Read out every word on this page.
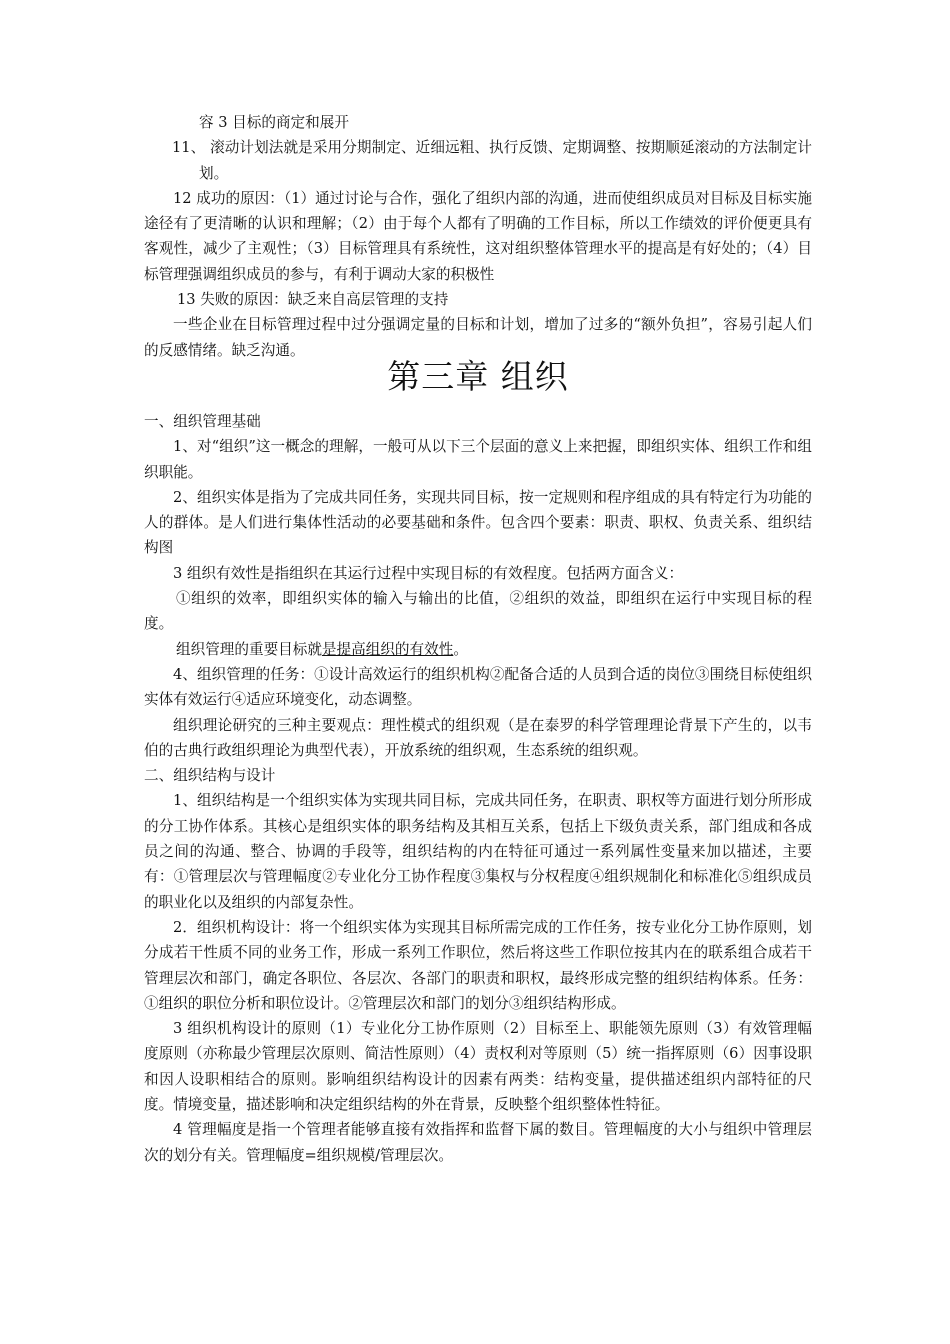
容 3 目标的商定和展开

11、 滚动计划法就是采用分期制定、近细远粗、执行反馈、定期调整、按期顺延滚动的方法制定计划。

12 成功的原因：（1）通过讨论与合作，强化了组织内部的沟通，进而使组织成员对目标及目标实施途径有了更清晰的认识和理解；（2）由于每个人都有了明确的工作目标，所以工作绩效的评价便更具有客观性，减少了主观性；（3）目标管理具有系统性，这对组织整体管理水平的提高是有好处的；（4）目标管理强调组织成员的参与，有利于调动大家的积极性

13 失败的原因：缺乏来自高层管理的支持

一些企业在目标管理过程中过分强调定量的目标和计划，增加了过多的“额外负担”，容易引起人们的反感情绪。缺乏沟通。

第三章 组织

一、组织管理基础

1、对“组织”这一概念的理解，一般可从以下三个层面的意义上来把握，即组织实体、组织工作和组织职能。

2、组织实体是指为了完成共同任务，实现共同目标，按一定规则和程序组成的具有特定行为功能的人的群体。是人们进行集体性活动的必要基础和条件。包含四个要素：职责、职权、负责关系、组织结构图

3 组织有效性是指组织在其运行过程中实现目标的有效程度。包括两方面含义：

①组织的效率，即组织实体的输入与输出的比值，②组织的效益，即组织在运行中实现目标的程度。

组织管理的重要目标就是提高组织的有效性。

4、组织管理的任务：①设计高效运行的组织机构②配备合适的人员到合适的岗位③围绕目标使组织实体有效运行④适应环境变化，动态调整。

组织理论研究的三种主要观点：理性模式的组织观（是在泰罗的科学管理理论背景下产生的，以韦伯的古典行政组织理论为典型代表），开放系统的组织观，生态系统的组织观。

二、组织结构与设计

1、组织结构是一个组织实体为实现共同目标，完成共同任务，在职责、职权等方面进行划分所形成的分工协作体系。其核心是组织实体的职务结构及其相互关系，包括上下级负责关系，部门组成和各成员之间的沟通、整合、协调的手段等，组织结构的内在特征可通过一系列属性变量来加以描述，主要有：①管理层次与管理幅度②专业化分工协作程度③集权与分权程度④组织规制化和标准化⑤组织成员的职业化以及组织的内部复杂性。

2．组织机构设计：将一个组织实体为实现其目标所需完成的工作任务，按专业化分工协作原则，划分成若干性质不同的业务工作，形成一系列工作职位，然后将这些工作职位按其内在的联系组合成若干管理层次和部门，确定各职位、各层次、各部门的职责和职权，最终形成完整的组织结构体系。任务：①组织的职位分析和职位设计。②管理层次和部门的划分③组织结构形成。

3 组织机构设计的原则（1）专业化分工协作原则（2）目标至上、职能领先原则（3）有效管理幅度原则（亦称最少管理层次原则、简洁性原则）（4）责权利对等原则（5）统一指挥原则（6）因事设职和因人设职相结合的原则。影响组织结构设计的因素有两类：结构变量，提供描述组织内部特征的尺度。情境变量，描述影响和决定组织结构的外在背景，反映整个组织整体性特征。

4 管理幅度是指一个管理者能够直接有效指挥和监督下属的数目。管理幅度的大小与组织中管理层次的划分有关。管理幅度=组织规模/管理层次。
